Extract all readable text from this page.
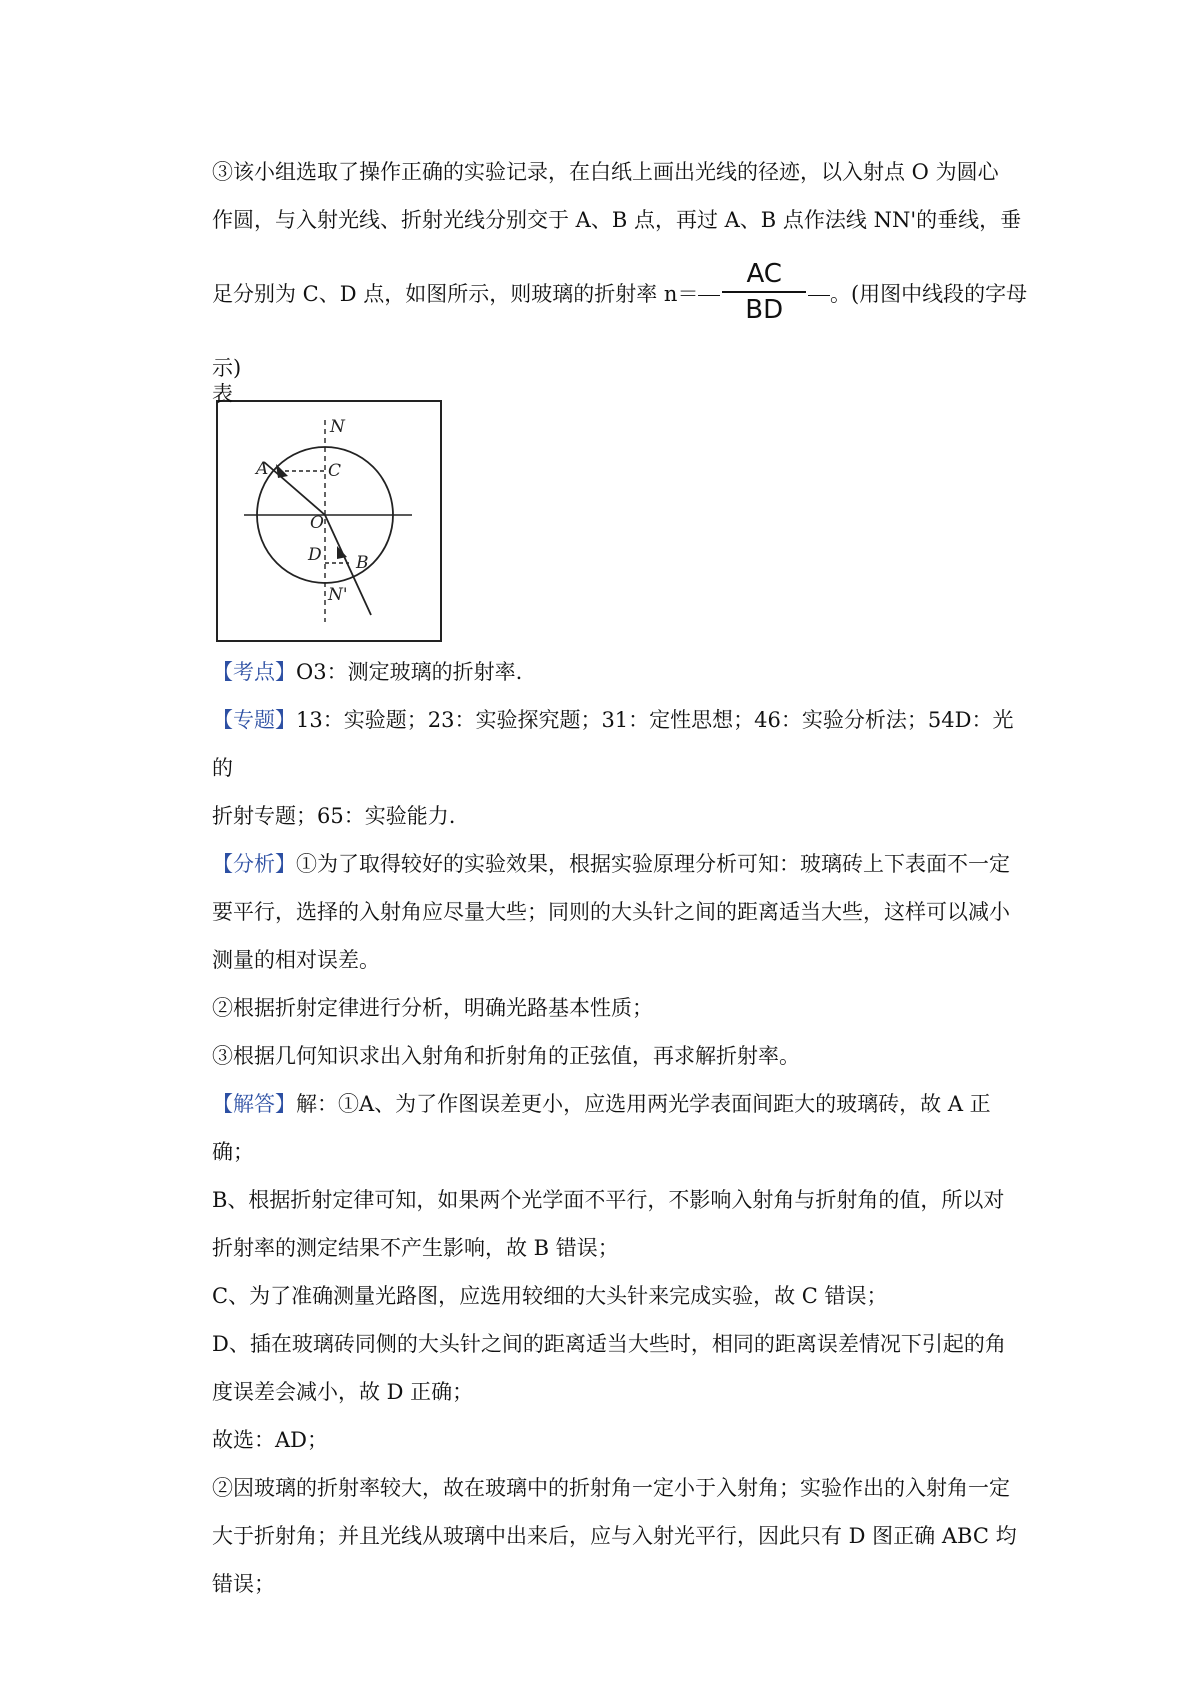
③该小组选取了操作正确的实验记录，在白纸上画出光线的径迹，以入射点 O 为圆心

作圆，与入射光线、折射光线分别交于 A、B 点，再过 A、B 点作法线 NN'的垂线，垂

足分别为 C、D 点，如图所示，则玻璃的折射率 $n= \frac{AC}{BD}$ 。(用图中线段的字母表

示)

N
A	C
O
D B
N'

【考点】O3：测定玻璃的折射率.

【专题】13：实验题；23：实验探究题；31：定性思想；46：实验分析法；54D：光的

折射专题；65：实验能力.

【分析】①为了取得较好的实验效果，根据实验原理分析可知：玻璃砖上下表面不一定

要平行，选择的入射角应尽量大些；同则的大头针之间的距离适当大些，这样可以减小

测量的相对误差。

②根据折射定律进行分析，明确光路基本性质；

③根据几何知识求出入射角和折射角的正弦值，再求解折射率。

【解答】解：①A、为了作图误差更小，应选用两光学表面间距大的玻璃砖，故 A 正

确；

B、根据折射定律可知，如果两个光学面不平行，不影响入射角与折射角的值，所以对

折射率的测定结果不产生影响，故 B 错误；

C、为了准确测量光路图，应选用较细的大头针来完成实验，故 C 错误；

D、插在玻璃砖同侧的大头针之间的距离适当大些时，相同的距离误差情况下引起的角

度误差会减小，故 D 正确；

故选：AD；

②因玻璃的折射率较大，故在玻璃中的折射角一定小于入射角；实验作出的入射角一定

大于折射角；并且光线从玻璃中出来后，应与入射光平行，因此只有 D 图正确 ABC 均

错误；
